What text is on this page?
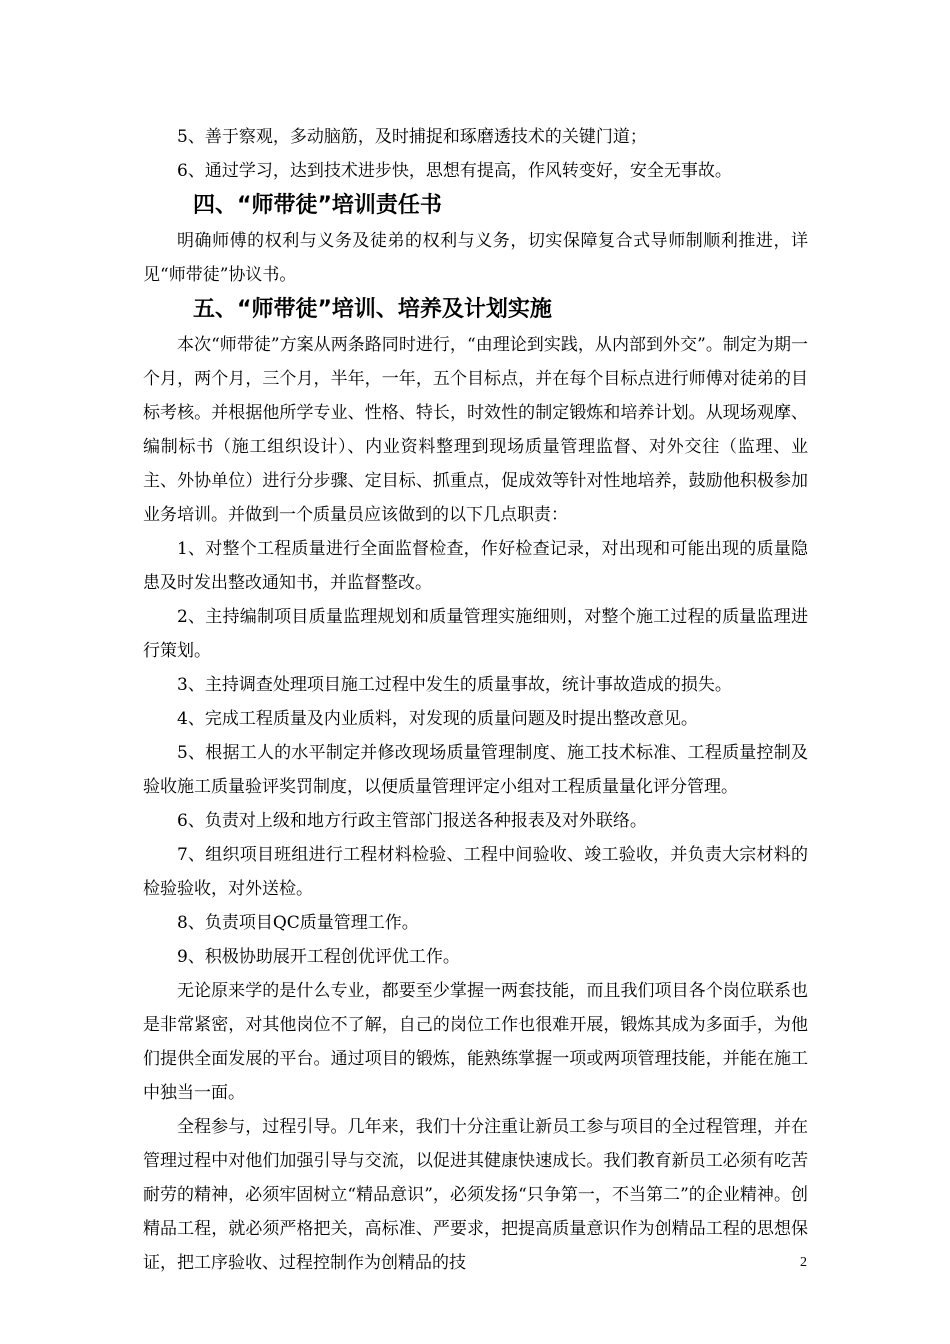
5、善于察观，多动脑筋，及时捕捉和琢磨透技术的关键门道；

6、通过学习，达到技术进步快，思想有提高，作风转变好，安全无事故。

四、“师带徒”培训责任书

明确师傅的权利与义务及徒弟的权利与义务，切实保障复合式导师制顺利推进，详见“师带徒”协议书。

五、“师带徒”培训、培养及计划实施

本次“师带徒”方案从两条路同时进行，“由理论到实践，从内部到外交”。制定为期一个月，两个月，三个月，半年，一年，五个目标点，并在每个目标点进行师傅对徒弟的目标考核。并根据他所学专业、性格、特长，时效性的制定锻炼和培养计划。从现场观摩、编制标书（施工组织设计）、内业资料整理到现场质量管理监督、对外交往（监理、业主、外协单位）进行分步骤、定目标、抓重点，促成效等针对性地培养，鼓励他积极参加业务培训。并做到一个质量员应该做到的以下几点职责：

1、对整个工程质量进行全面监督检查，作好检查记录，对出现和可能出现的质量隐患及时发出整改通知书，并监督整改。

2、主持编制项目质量监理规划和质量管理实施细则，对整个施工过程的质量监理进行策划。

3、主持调查处理项目施工过程中发生的质量事故，统计事故造成的损失。

4、完成工程质量及内业质料，对发现的质量问题及时提出整改意见。

5、根据工人的水平制定并修改现场质量管理制度、施工技术标准、工程质量控制及验收施工质量验评奖罚制度，以便质量管理评定小组对工程质量量化评分管理。

6、负责对上级和地方行政主管部门报送各种报表及对外联络。

7、组织项目班组进行工程材料检验、工程中间验收、竣工验收，并负责大宗材料的检验验收，对外送检。

8、负责项目QC质量管理工作。

9、积极协助展开工程创优评优工作。

无论原来学的是什么专业，都要至少掌握一两套技能，而且我们项目各个岗位联系也是非常紧密，对其他岗位不了解，自己的岗位工作也很难开展，锻炼其成为多面手，为他们提供全面发展的平台。通过项目的锻炼，能熟练掌握一项或两项管理技能，并能在施工中独当一面。

全程参与，过程引导。几年来，我们十分注重让新员工参与项目的全过程管理，并在管理过程中对他们加强引导与交流，以促进其健康快速成长。我们教育新员工必须有吃苦耐劳的精神，必须牢固树立“精品意识”，必须发扬“只争第一，不当第二”的企业精神。创精品工程，就必须严格把关，高标准、严要求，把提高质量意识作为创精品工程的思想保证，把工序验收、过程控制作为创精品的技	2
